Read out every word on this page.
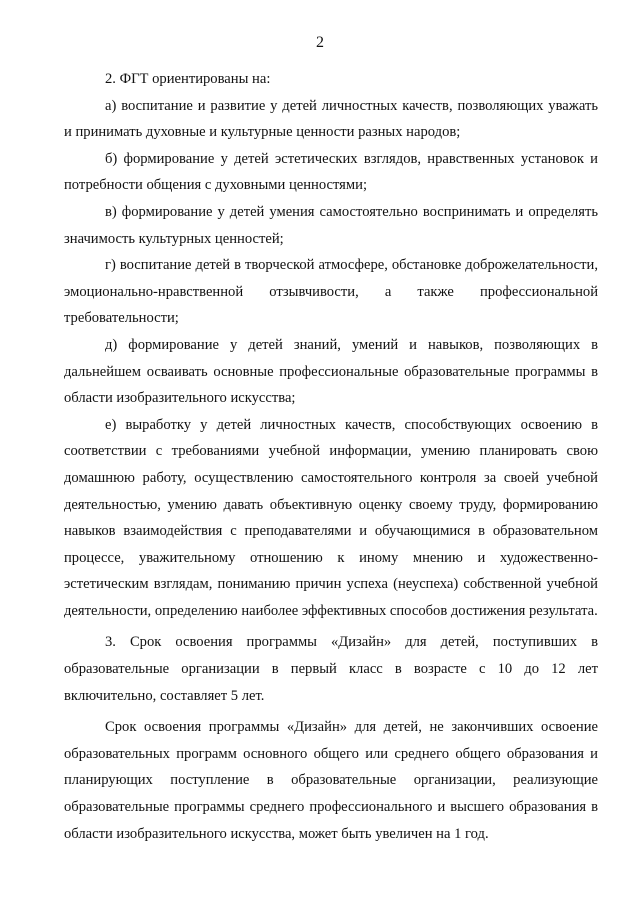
2

2. ФГТ ориентированы на:

а) воспитание и развитие у детей личностных качеств, позволяющих уважать и принимать духовные и культурные ценности разных народов;

б) формирование у детей эстетических взглядов, нравственных установок и потребности общения с духовными ценностями;

в) формирование у детей умения самостоятельно воспринимать и определять значимость культурных ценностей;

г) воспитание детей в творческой атмосфере, обстановке доброжелательности, эмоционально-нравственной отзывчивости, а также профессиональной требовательности;

д) формирование у детей знаний, умений и навыков, позволяющих в дальнейшем осваивать основные профессиональные образовательные программы в области изобразительного искусства;

е) выработку у детей личностных качеств, способствующих освоению в соответствии с требованиями учебной информации, умению планировать свою домашнюю работу, осуществлению самостоятельного контроля за своей учебной деятельностью, умению давать объективную оценку своему труду, формированию навыков взаимодействия с преподавателями и обучающимися в образовательном процессе, уважительному отношению к иному мнению и художественно-эстетическим взглядам, пониманию причин успеха (неуспеха) собственной учебной деятельности, определению наиболее эффективных способов достижения результата.

3. Срок освоения программы «Дизайн» для детей, поступивших в образовательные организации в первый класс в возрасте с 10 до 12 лет включительно, составляет 5 лет.

Срок освоения программы «Дизайн» для детей, не закончивших освоение образовательных программ основного общего или среднего общего образования и планирующих поступление в образовательные организации, реализующие образовательные программы среднего профессионального и высшего образования в области изобразительного искусства, может быть увеличен на 1 год.
